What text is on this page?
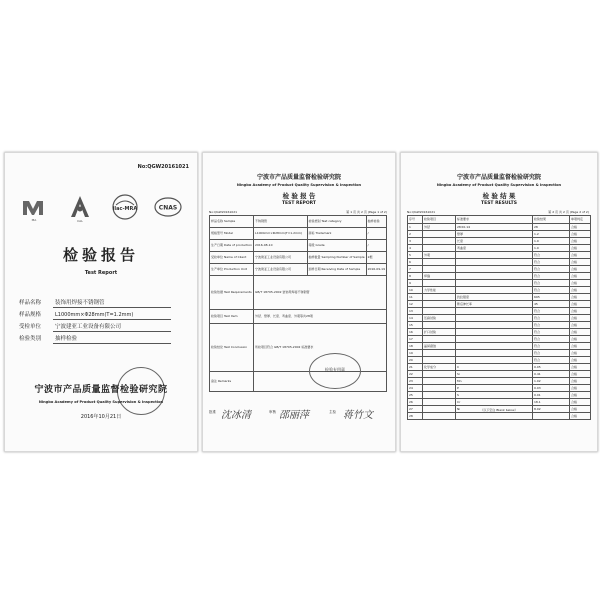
No:QGW20161021
MA	CAL
ilac-MRA	CNAS
检验报告
Test Report
样品名称	装饰用焊接不锈钢管
样品规格	L1000mm×Φ28mm(T=1.2mm)
受检单位	宁波建亚工业设备有限公司
检验类别	抽样检验
宁波市产品质量监督检验研究院
Ningbo Academy of Product Quality Supervision & Inspection
2016年10月21日
宁波市产品质量监督检验研究院
Ningbo Academy of Product Quality Supervision & Inspection
检 验 报 告
TEST REPORT
No:QGW20161021	第 1 页 共 2 页 (Page 1 of 2)
样品名称 Sample	不锈钢管	检验类别 Test category	抽样检验
规格型号 Model	L1000mm×Φ28mm(T=1.2mm)	商标 Trademark	/
生产日期 Date of production	2016-08-10	等级 Grade	/
受检单位 Name of Client	宁波建亚工业设备有限公司	抽样数量 Sampling Number of Sample	2根
生产单位 Production Unit	宁波建亚工业设备有限公司	到样日期 Receiving Date of Sample	2016-09-19
检验依据 Test Requirements	GB/T 18705-2002 装饰用焊接不锈钢管		
检验项目 Test item	外径、壁厚、长度、弯曲度、外观等共28项		
检验结论 Test Conclusion	所检项目符合 GB/T 18705-2002 标准要求		
备注 Remarks			
检验专用章
批准 沈冰清	审核 邵丽萍	主检 蒋竹文
宁波市产品质量监督检验研究院
Ningbo Academy of Product Quality Supervision & Inspection
检 验 结 果
TEST RESULTS
No:QGW20161021	第 2 页 共 2 页 (Page 2 of 2)
序号	检验项目	标准要求	检验结果	单项判定
1	外径	28±0.14	28	合格
2		壁厚	1.2	合格
3		长度	1.0	合格
4		弯曲度	1.0	合格
5	外观		符合	合格
6			符合	合格
7			符合	合格
8	焊缝		符合	合格
9			符合	合格
10	力学性能		符合	合格
11		抗拉强度	695	合格
12		断后伸长率	45	合格
13			符合	合格
14	压扁试验		符合	合格
15			符合	合格
16	扩口试验		符合	合格
17			符合	合格
18	晶间腐蚀		符合	合格
19			符合	合格
20			符合	合格
21	化学成分	C	0.05	合格
22		Si	0.41	合格
23		Mn	1.02	合格
24		P	0.03	合格
25		S	0.01	合格
26		Cr	18.1	合格
27		Ni	8.02	合格
28				合格
（以下空白 Blank below）
